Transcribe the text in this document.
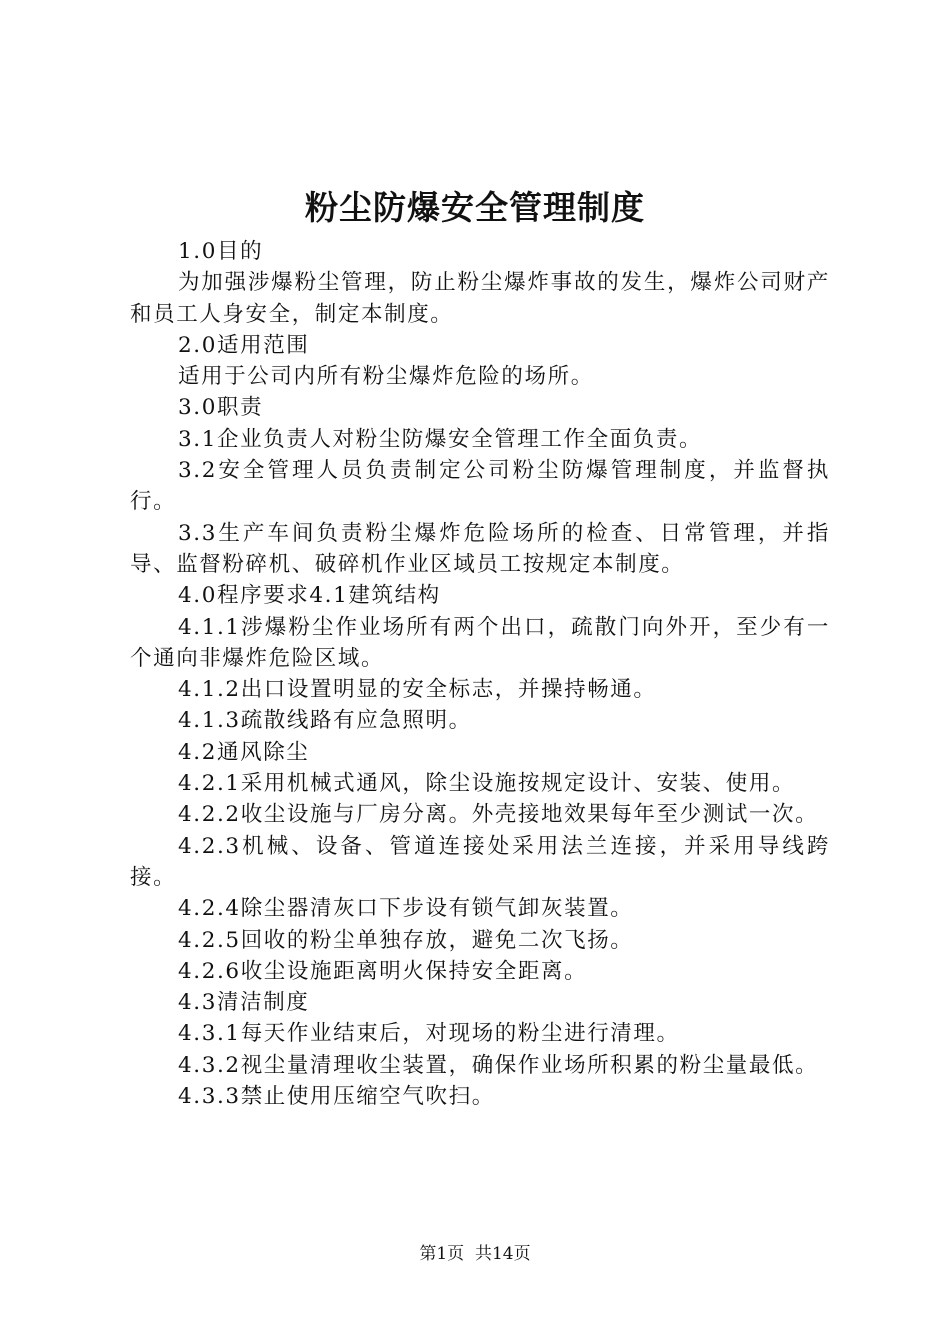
粉尘防爆安全管理制度

1.0目的

为加强涉爆粉尘管理，防止粉尘爆炸事故的发生，爆炸公司财产和员工人身安全，制定本制度。

2.0适用范围

适用于公司内所有粉尘爆炸危险的场所。

3.0职责

3.1企业负责人对粉尘防爆安全管理工作全面负责。

3.2安全管理人员负责制定公司粉尘防爆管理制度，并监督执行。

3.3生产车间负责粉尘爆炸危险场所的检查、日常管理，并指导、监督粉碎机、破碎机作业区域员工按规定本制度。

4.0程序要求4.1建筑结构

4.1.1涉爆粉尘作业场所有两个出口，疏散门向外开，至少有一个通向非爆炸危险区域。

4.1.2出口设置明显的安全标志，并操持畅通。

4.1.3疏散线路有应急照明。

4.2通风除尘

4.2.1采用机械式通风，除尘设施按规定设计、安装、使用。

4.2.2收尘设施与厂房分离。外壳接地效果每年至少测试一次。

4.2.3机械、设备、管道连接处采用法兰连接，并采用导线跨接。

4.2.4除尘器清灰口下步设有锁气卸灰装置。

4.2.5回收的粉尘单独存放，避免二次飞扬。

4.2.6收尘设施距离明火保持安全距离。

4.3清洁制度

4.3.1每天作业结束后，对现场的粉尘进行清理。

4.3.2视尘量清理收尘装置，确保作业场所积累的粉尘量最低。

4.3.3禁止使用压缩空气吹扫。

第1页  共14页
